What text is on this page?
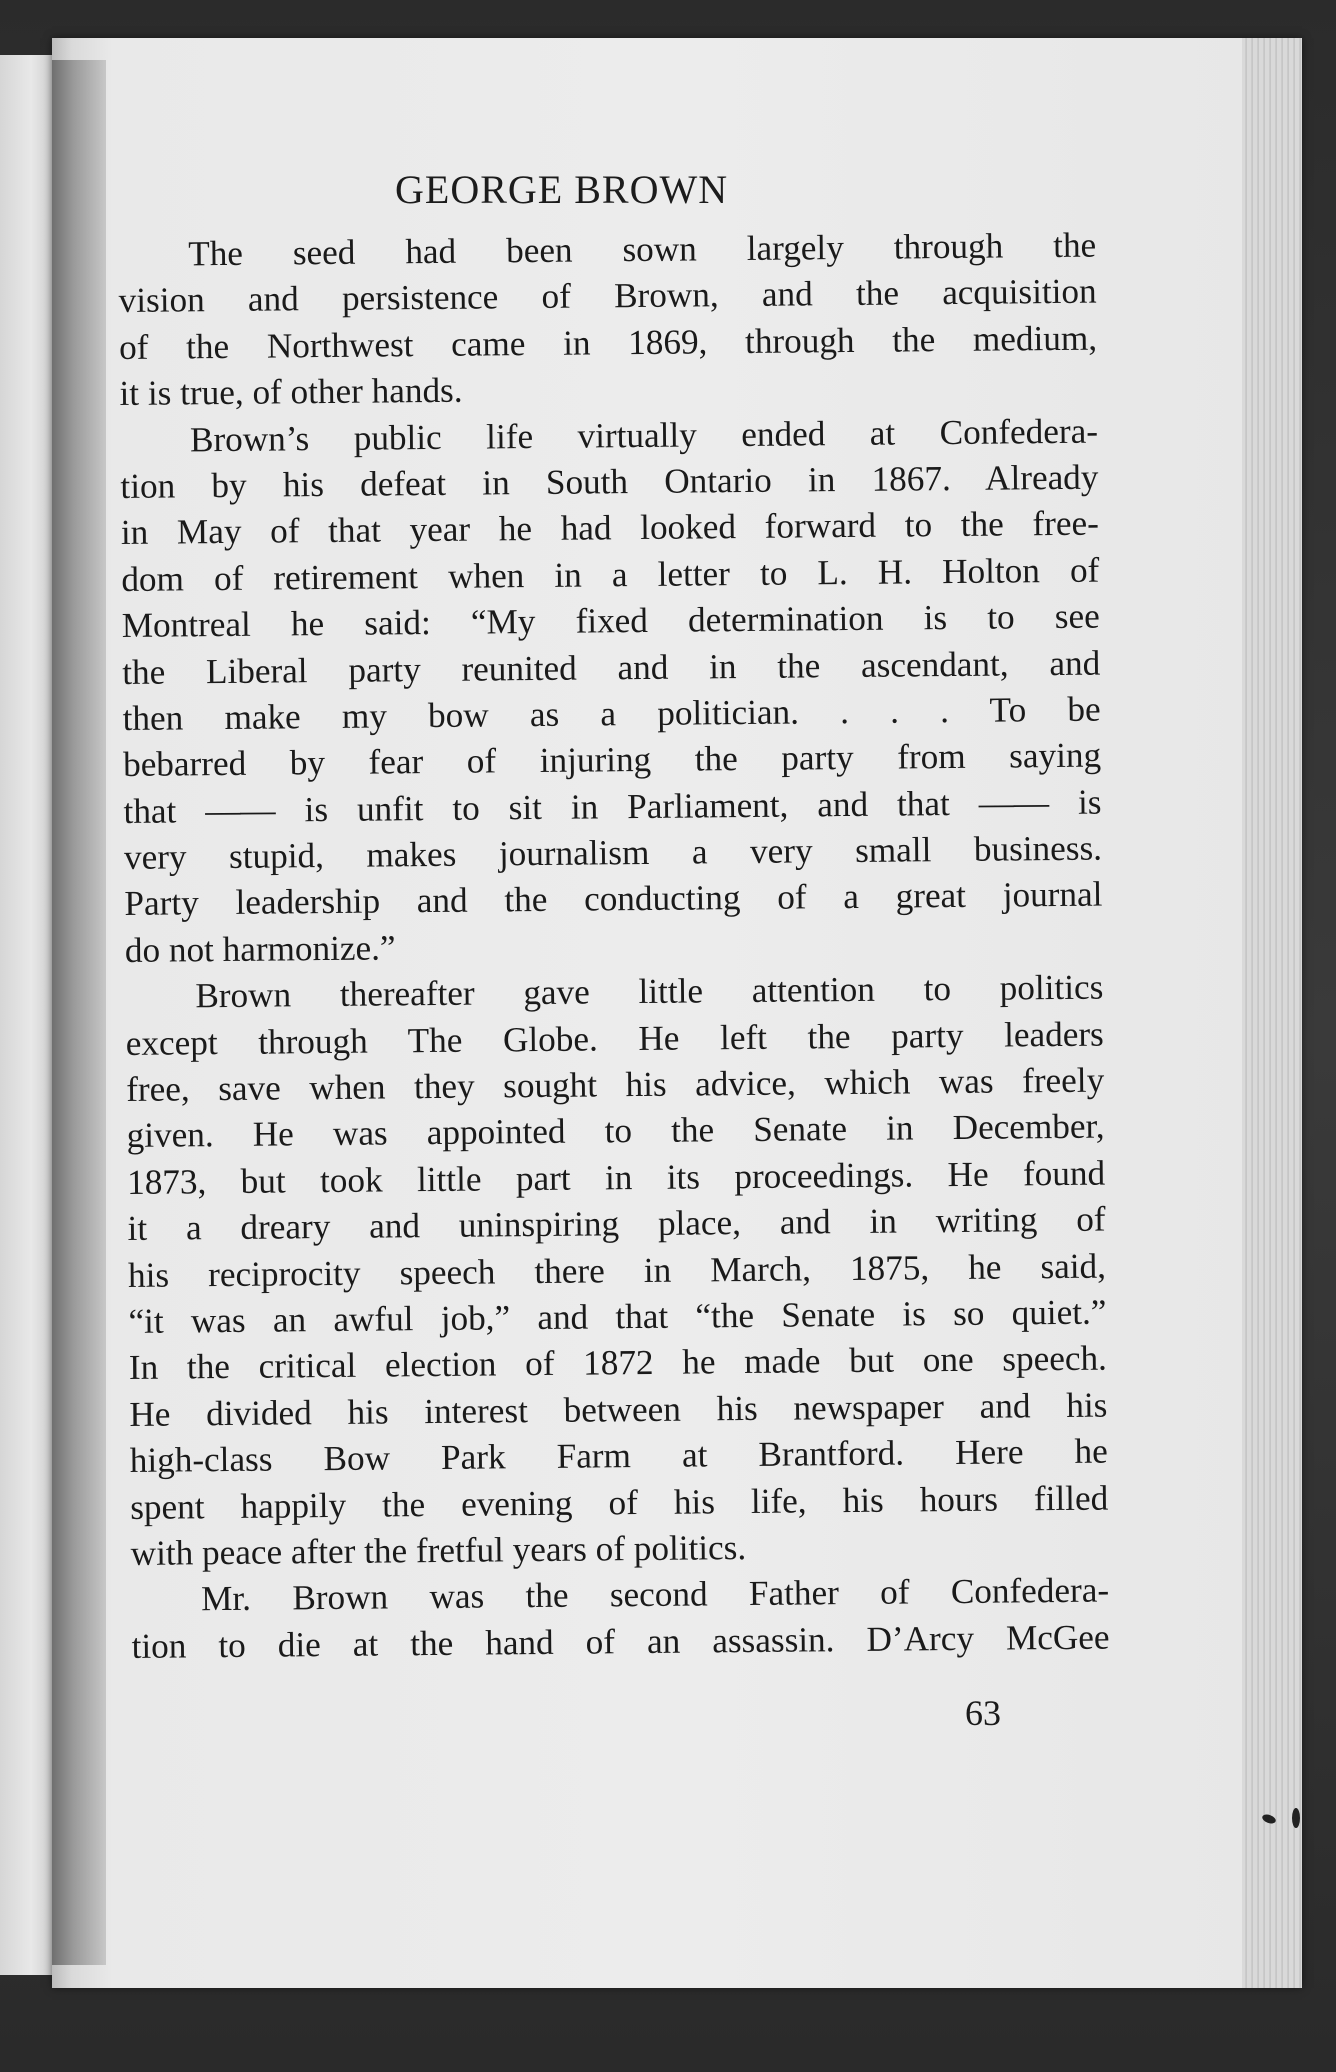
GEORGE BROWN
The seed had been sown largely through the
vision and persistence of Brown, and the acquisition
of the Northwest came in 1869, through the medium,
it is true, of other hands.
Brown’s public life virtually ended at Confedera-
tion by his defeat in South Ontario in 1867. Already
in May of that year he had looked forward to the free-
dom of retirement when in a letter to L. H. Holton of
Montreal he said: “My fixed determination is to see
the Liberal party reunited and in the ascendant, and
then make my bow as a politician. . . . To be
bebarred by fear of injuring the party from saying
that —— is unfit to sit in Parliament, and that —— is
very stupid, makes journalism a very small business.
Party leadership and the conducting of a great journal
do not harmonize.”
Brown thereafter gave little attention to politics
except through The Globe. He left the party leaders
free, save when they sought his advice, which was freely
given. He was appointed to the Senate in December,
1873, but took little part in its proceedings. He found
it a dreary and uninspiring place, and in writing of
his reciprocity speech there in March, 1875, he said,
“it was an awful job,” and that “the Senate is so quiet.”
In the critical election of 1872 he made but one speech.
He divided his interest between his newspaper and his
high-class Bow Park Farm at Brantford. Here he
spent happily the evening of his life, his hours filled
with peace after the fretful years of politics.
Mr. Brown was the second Father of Confedera-
tion to die at the hand of an assassin. D’Arcy McGee
63
